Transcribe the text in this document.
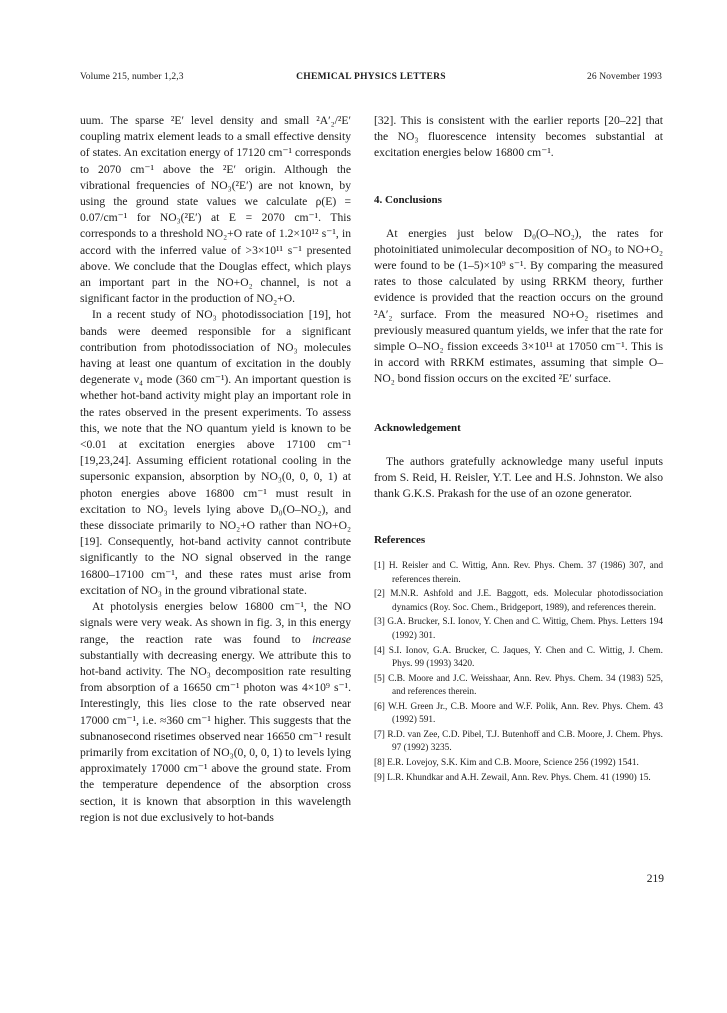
Volume 215, number 1,2,3	CHEMICAL PHYSICS LETTERS	26 November 1993

uum. The sparse ²E′ level density and small ²A′₂/²E′ coupling matrix element leads to a small effective density of states. An excitation energy of 17120 cm⁻¹ corresponds to 2070 cm⁻¹ above the ²E′ origin. Although the vibrational frequencies of NO₃(²E′) are not known, by using the ground state values we calculate ρ(E) = 0.07/cm⁻¹ for NO₃(²E′) at E = 2070 cm⁻¹. This corresponds to a threshold NO₂+O rate of 1.2×10¹² s⁻¹, in accord with the inferred value of >3×10¹¹ s⁻¹ presented above. We conclude that the Douglas effect, which plays an important part in the NO+O₂ channel, is not a significant factor in the production of NO₂+O.

In a recent study of NO₃ photodissociation [19], hot bands were deemed responsible for a significant contribution from photodissociation of NO₃ molecules having at least one quantum of excitation in the doubly degenerate ν₄ mode (360 cm⁻¹). An important question is whether hot-band activity might play an important role in the rates observed in the present experiments. To assess this, we note that the NO quantum yield is known to be <0.01 at excitation energies above 17100 cm⁻¹ [19,23,24]. Assuming efficient rotational cooling in the supersonic expansion, absorption by NO₃(0, 0, 0, 1) at photon energies above 16800 cm⁻¹ must result in excitation to NO₃ levels lying above D₀(O–NO₂), and these dissociate primarily to NO₂+O rather than NO+O₂ [19]. Consequently, hot-band activity cannot contribute significantly to the NO signal observed in the range 16800–17100 cm⁻¹, and these rates must arise from excitation of NO₃ in the ground vibrational state.

At photolysis energies below 16800 cm⁻¹, the NO signals were very weak. As shown in fig. 3, in this energy range, the reaction rate was found to increase substantially with decreasing energy. We attribute this to hot-band activity. The NO₃ decomposition rate resulting from absorption of a 16650 cm⁻¹ photon was 4×10⁹ s⁻¹. Interestingly, this lies close to the rate observed near 17000 cm⁻¹, i.e. ≈360 cm⁻¹ higher. This suggests that the subnanosecond risetimes observed near 16650 cm⁻¹ result primarily from excitation of NO₃(0, 0, 0, 1) to levels lying approximately 17000 cm⁻¹ above the ground state. From the temperature dependence of the absorption cross section, it is known that absorption in this wavelength region is not due exclusively to hot-bands

[32]. This is consistent with the earlier reports [20–22] that the NO₃ fluorescence intensity becomes substantial at excitation energies below 16800 cm⁻¹.

4. Conclusions

At energies just below D₀(O–NO₂), the rates for photoinitiated unimolecular decomposition of NO₃ to NO+O₂ were found to be (1–5)×10⁹ s⁻¹. By comparing the measured rates to those calculated by using RRKM theory, further evidence is provided that the reaction occurs on the ground ²A′₂ surface. From the measured NO+O₂ risetimes and previously measured quantum yields, we infer that the rate for simple O–NO₂ fission exceeds 3×10¹¹ at 17050 cm⁻¹. This is in accord with RRKM estimates, assuming that simple O–NO₂ bond fission occurs on the excited ²E′ surface.

Acknowledgement

The authors gratefully acknowledge many useful inputs from S. Reid, H. Reisler, Y.T. Lee and H.S. Johnston. We also thank G.K.S. Prakash for the use of an ozone generator.

References
[1] H. Reisler and C. Wittig, Ann. Rev. Phys. Chem. 37 (1986) 307, and references therein.
[2] M.N.R. Ashfold and J.E. Baggott, eds. Molecular photodissociation dynamics (Roy. Soc. Chem., Bridgeport, 1989), and references therein.
[3] G.A. Brucker, S.I. Ionov, Y. Chen and C. Wittig, Chem. Phys. Letters 194 (1992) 301.
[4] S.I. Ionov, G.A. Brucker, C. Jaques, Y. Chen and C. Wittig, J. Chem. Phys. 99 (1993) 3420.
[5] C.B. Moore and J.C. Weisshaar, Ann. Rev. Phys. Chem. 34 (1983) 525, and references therein.
[6] W.H. Green Jr., C.B. Moore and W.F. Polik, Ann. Rev. Phys. Chem. 43 (1992) 591.
[7] R.D. van Zee, C.D. Pibel, T.J. Butenhoff and C.B. Moore, J. Chem. Phys. 97 (1992) 3235.
[8] E.R. Lovejoy, S.K. Kim and C.B. Moore, Science 256 (1992) 1541.
[9] L.R. Khundkar and A.H. Zewail, Ann. Rev. Phys. Chem. 41 (1990) 15.
219
